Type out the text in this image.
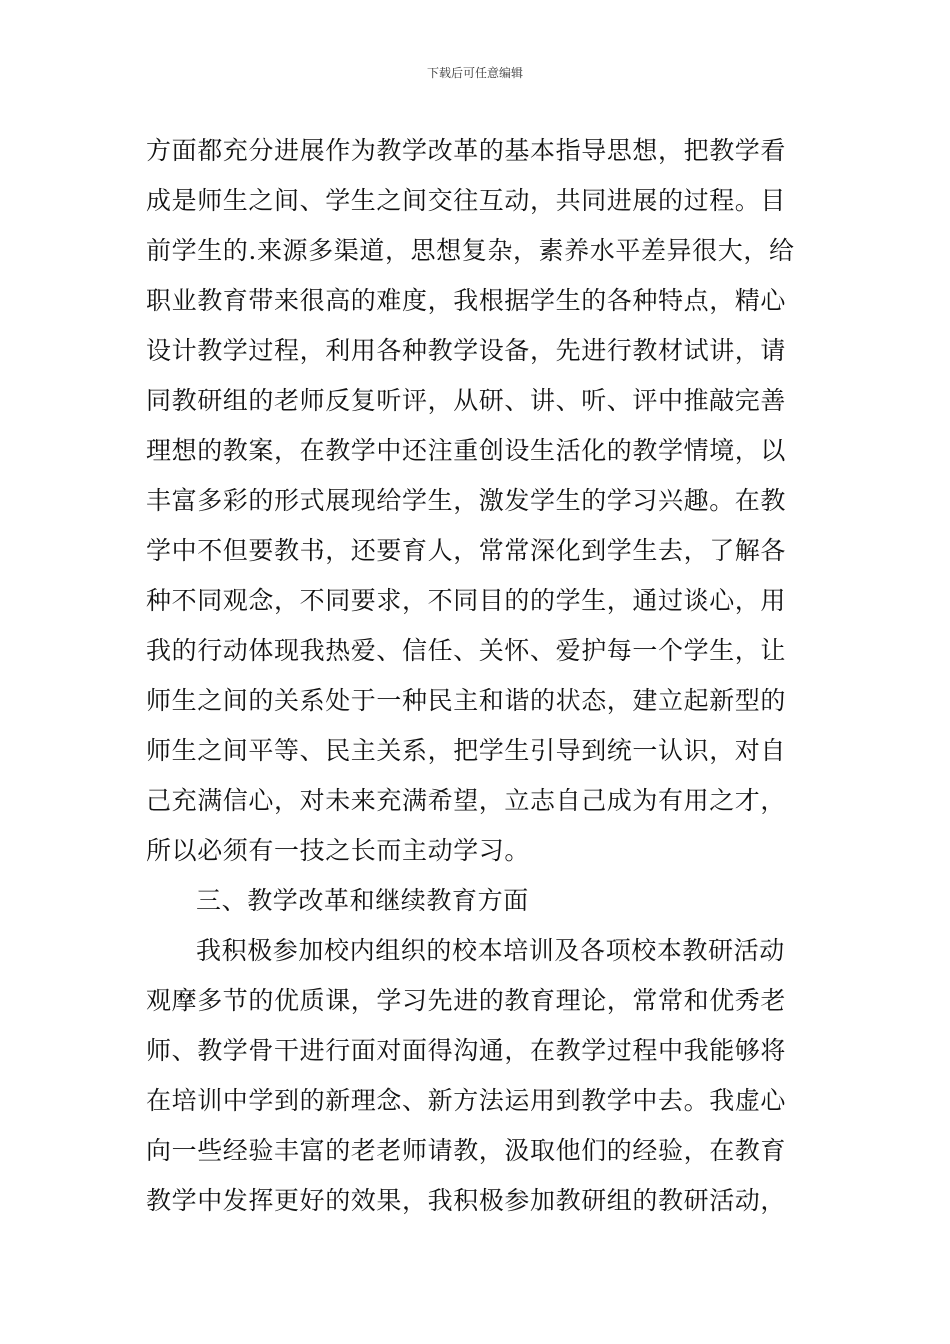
下载后可任意编辑
方面都充分进展作为教学改革的基本指导思想，把教学看
成是师生之间、学生之间交往互动，共同进展的过程。目
前学生的.来源多渠道，思想复杂，素养水平差异很大，给
职业教育带来很高的难度，我根据学生的各种特点，精心
设计教学过程，利用各种教学设备，先进行教材试讲，请
同教研组的老师反复听评，从研、讲、听、评中推敲完善
理想的教案，在教学中还注重创设生活化的教学情境，以
丰富多彩的形式展现给学生，激发学生的学习兴趣。在教
学中不但要教书，还要育人，常常深化到学生去，了解各
种不同观念，不同要求，不同目的的学生，通过谈心，用
我的行动体现我热爱、信任、关怀、爱护每一个学生，让
师生之间的关系处于一种民主和谐的状态，建立起新型的
师生之间平等、民主关系，把学生引导到统一认识，对自
己充满信心，对未来充满希望，立志自己成为有用之才，
所以必须有一技之长而主动学习。
三、教学改革和继续教育方面
我积极参加校内组织的校本培训及各项校本教研活动
观摩多节的优质课，学习先进的教育理论，常常和优秀老
师、教学骨干进行面对面得沟通，在教学过程中我能够将
在培训中学到的新理念、新方法运用到教学中去。我虚心
向一些经验丰富的老老师请教，汲取他们的经验，在教育
教学中发挥更好的效果，我积极参加教研组的教研活动，
